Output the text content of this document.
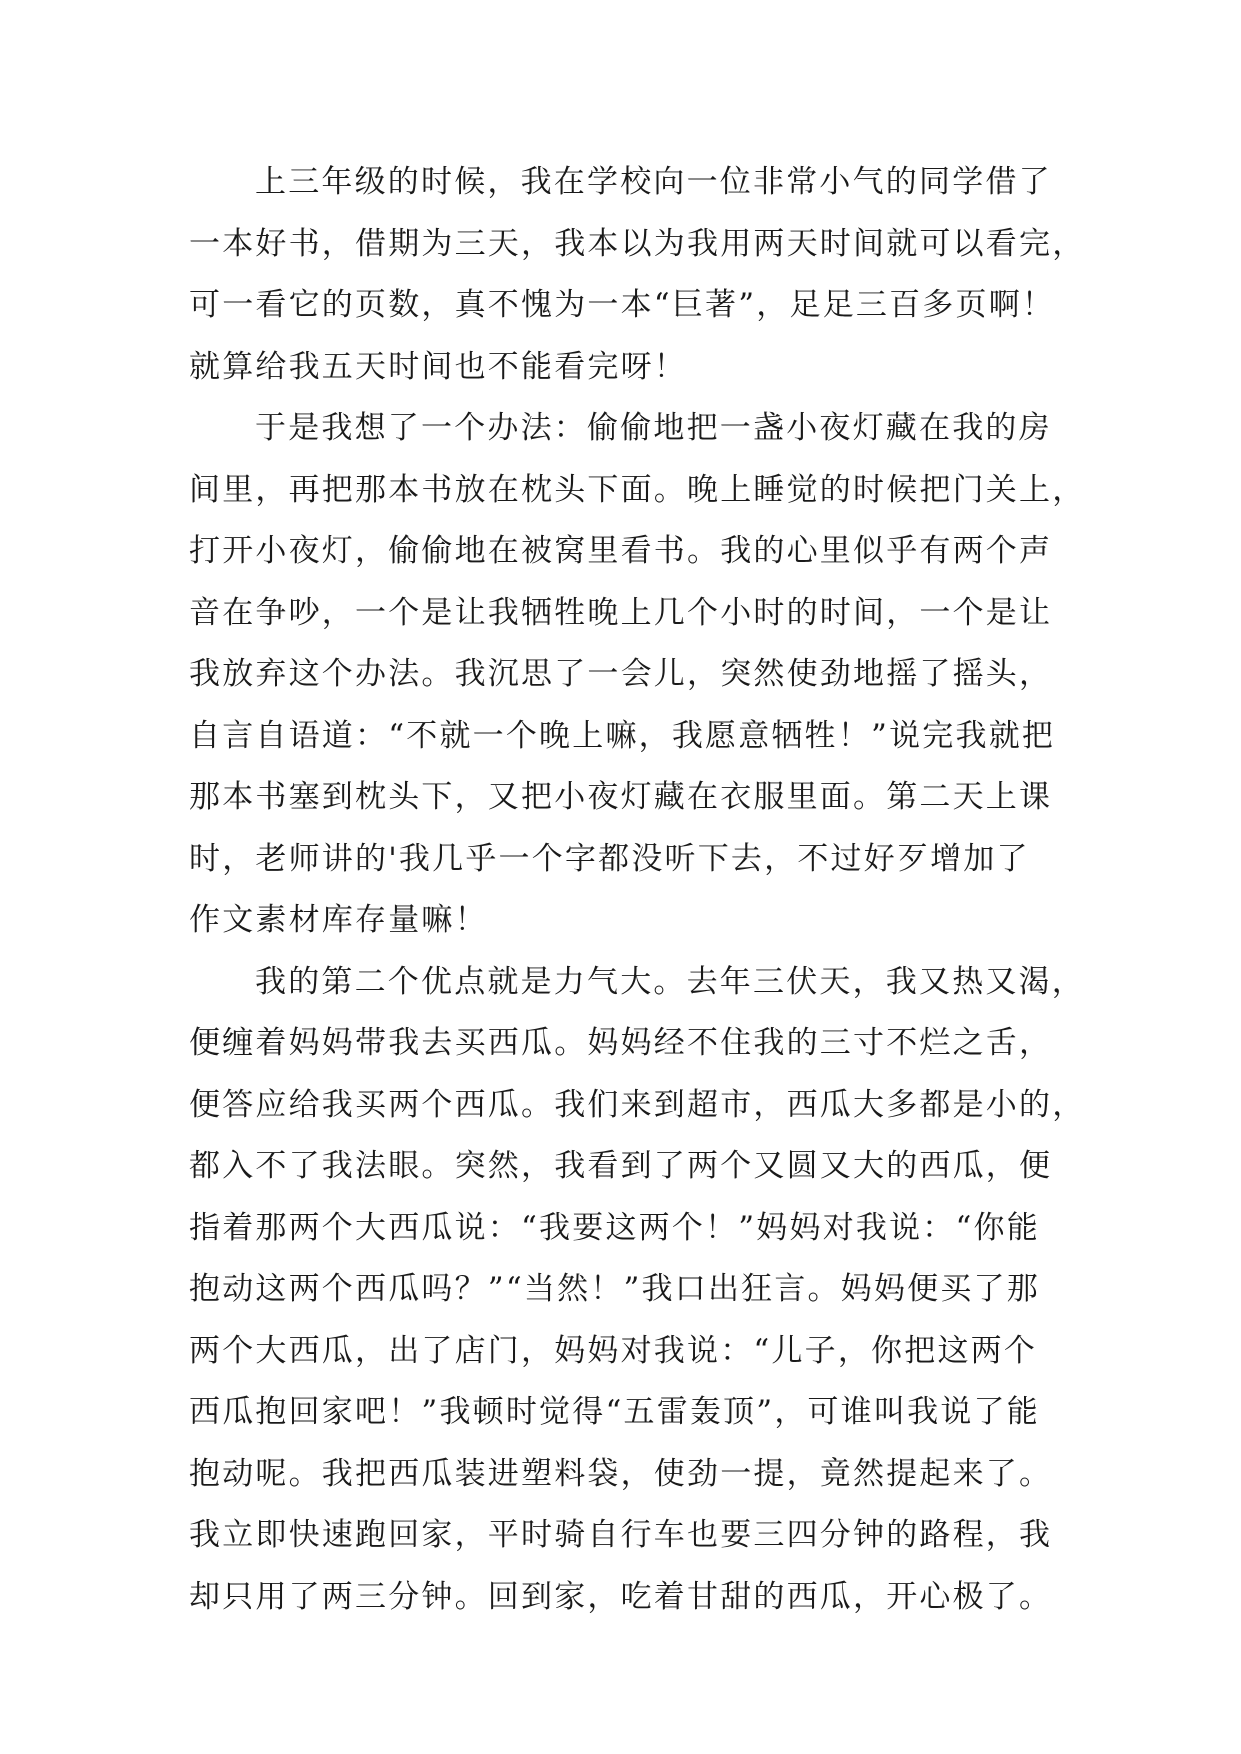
上三年级的时候，我在学校向一位非常小气的同学借了
一本好书，借期为三天，我本以为我用两天时间就可以看完，
可一看它的页数，真不愧为一本“巨著”，足足三百多页啊！
就算给我五天时间也不能看完呀！
于是我想了一个办法：偷偷地把一盏小夜灯藏在我的房
间里，再把那本书放在枕头下面。晚上睡觉的时候把门关上，
打开小夜灯，偷偷地在被窝里看书。我的心里似乎有两个声
音在争吵，一个是让我牺牲晚上几个小时的时间，一个是让
我放弃这个办法。我沉思了一会儿，突然使劲地摇了摇头，
自言自语道：“不就一个晚上嘛，我愿意牺牲！”说完我就把
那本书塞到枕头下，又把小夜灯藏在衣服里面。第二天上课
时，老师讲的'我几乎一个字都没听下去，不过好歹增加了
作文素材库存量嘛！
我的第二个优点就是力气大。去年三伏天，我又热又渴，
便缠着妈妈带我去买西瓜。妈妈经不住我的三寸不烂之舌，
便答应给我买两个西瓜。我们来到超市，西瓜大多都是小的，
都入不了我法眼。突然，我看到了两个又圆又大的西瓜，便
指着那两个大西瓜说：“我要这两个！”妈妈对我说：“你能
抱动这两个西瓜吗？”“当然！”我口出狂言。妈妈便买了那
两个大西瓜，出了店门，妈妈对我说：“儿子，你把这两个
西瓜抱回家吧！”我顿时觉得“五雷轰顶”，可谁叫我说了能
抱动呢。我把西瓜装进塑料袋，使劲一提，竟然提起来了。
我立即快速跑回家，平时骑自行车也要三四分钟的路程，我
却只用了两三分钟。回到家，吃着甘甜的西瓜，开心极了。
